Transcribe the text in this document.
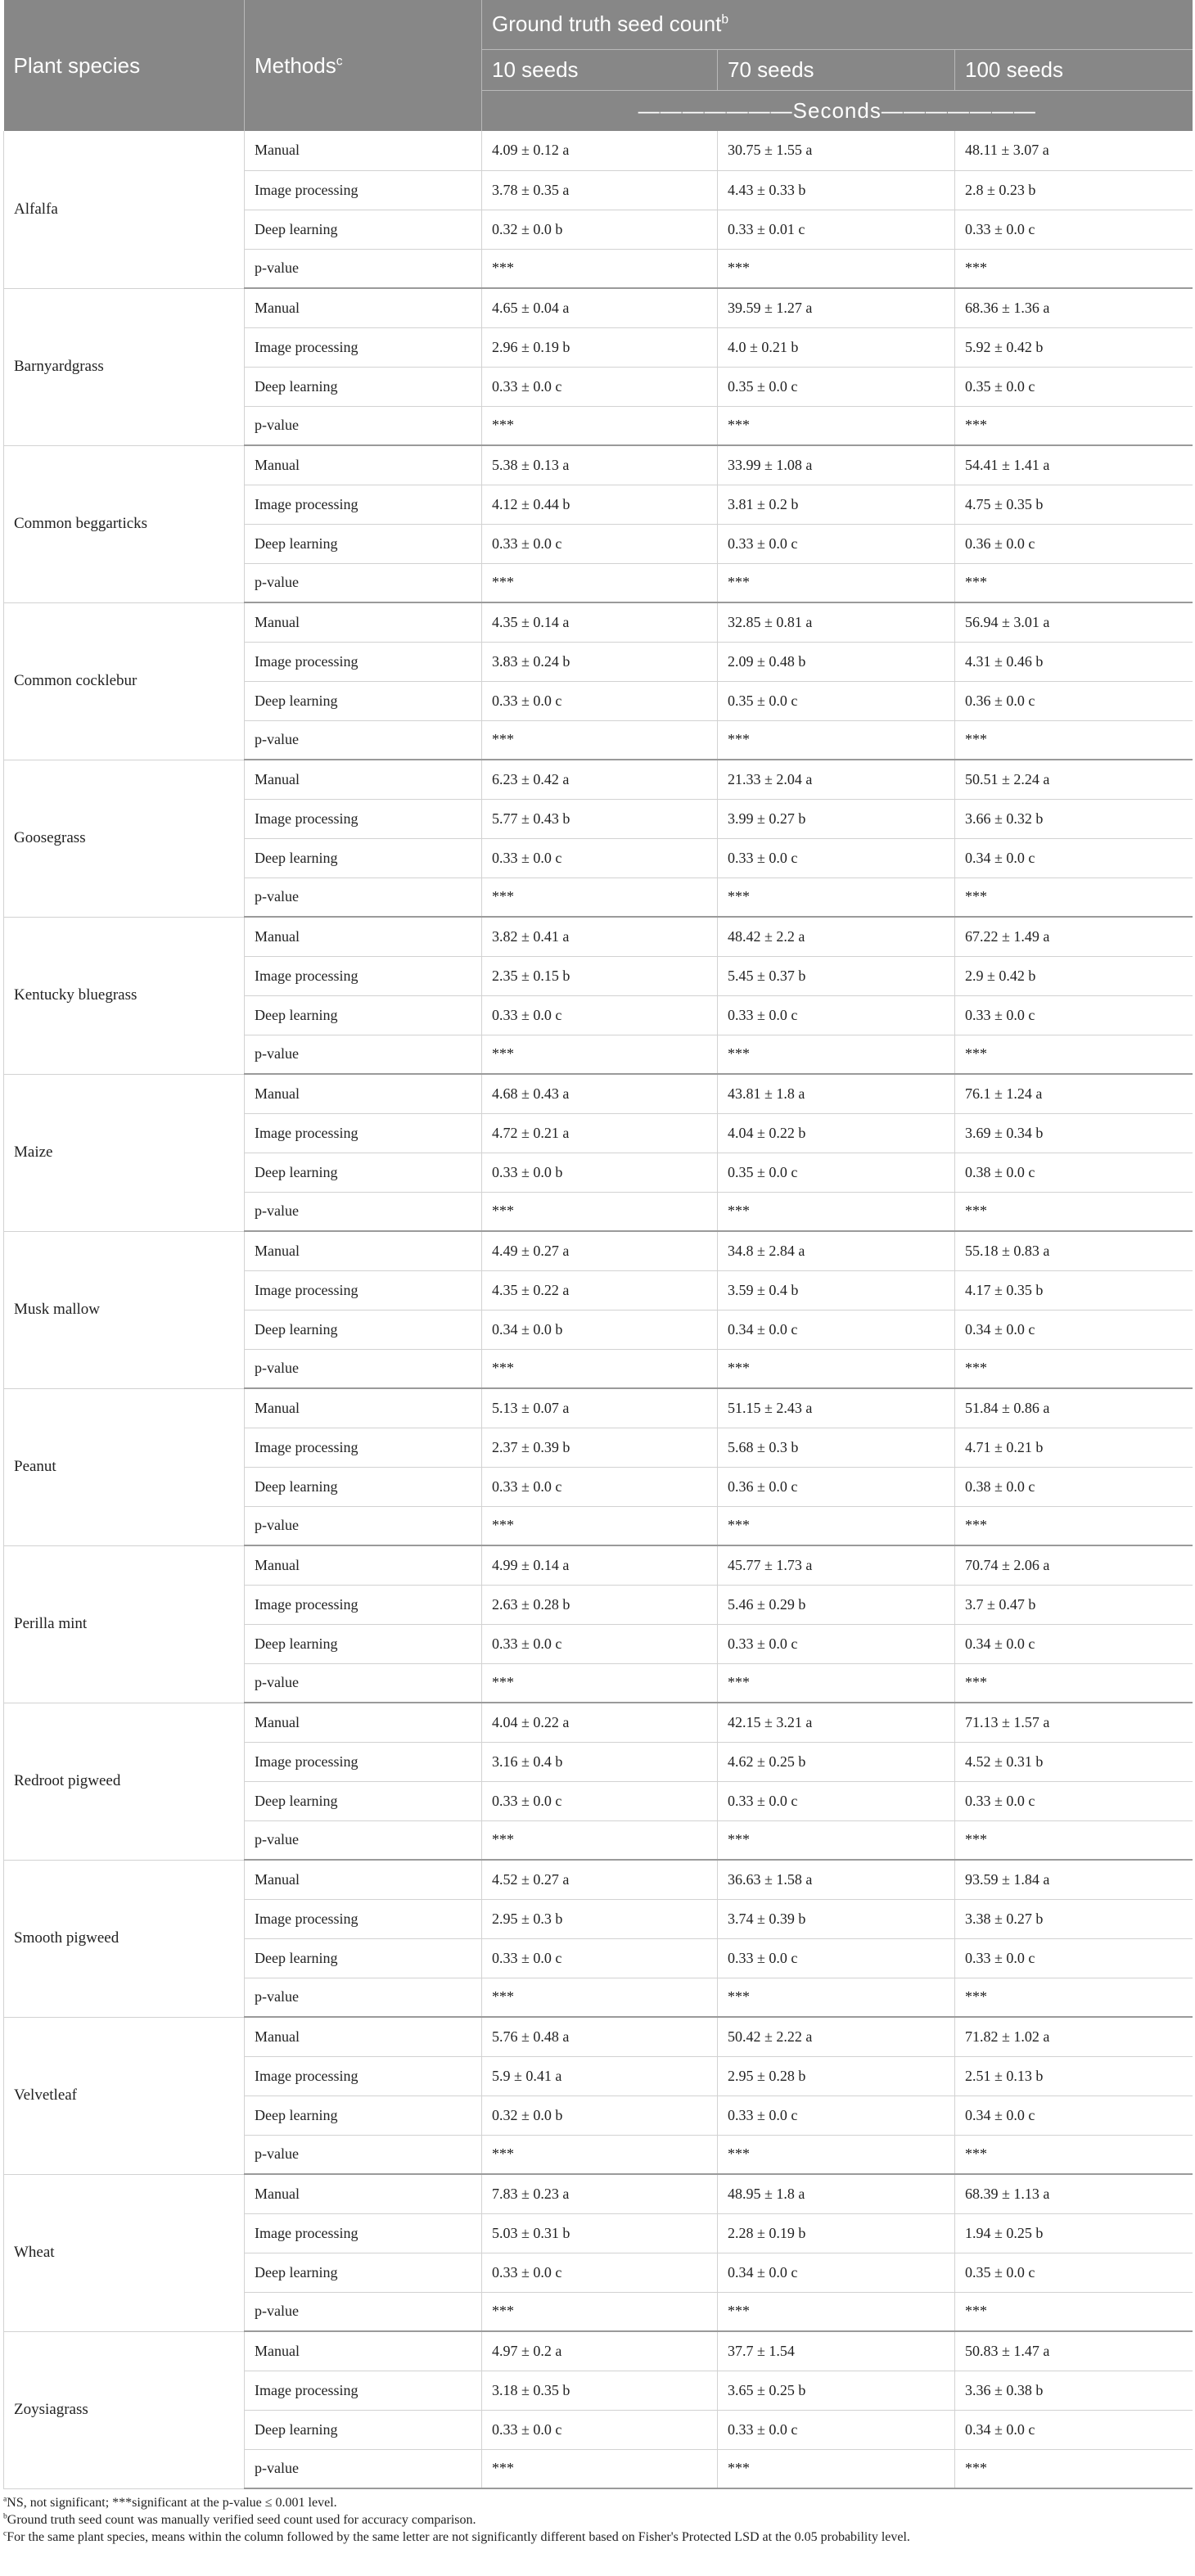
Plant species	Methods$^c$	Ground truth seed count$^b$
		10 seeds	70 seeds	100 seeds
		———————Seconds———————		
Alfalfa	Manual	4.09 ± 0.12 a	30.75 ± 1.55 a	48.11 ± 3.07 a
	Image processing	3.78 ± 0.35 a	4.43 ± 0.33 b	2.8 ± 0.23 b
	Deep learning	0.32 ± 0.0 b	0.33 ± 0.01 c	0.33 ± 0.0 c
	p-value	***	***	***
Barnyardgrass	Manual	4.65 ± 0.04 a	39.59 ± 1.27 a	68.36 ± 1.36 a
	Image processing	2.96 ± 0.19 b	4.0 ± 0.21 b	5.92 ± 0.42 b
	Deep learning	0.33 ± 0.0 c	0.35 ± 0.0 c	0.35 ± 0.0 c
	p-value	***	***	***
Common beggarticks	Manual	5.38 ± 0.13 a	33.99 ± 1.08 a	54.41 ± 1.41 a
	Image processing	4.12 ± 0.44 b	3.81 ± 0.2 b	4.75 ± 0.35 b
	Deep learning	0.33 ± 0.0 c	0.33 ± 0.0 c	0.36 ± 0.0 c
	p-value	***	***	***
Common cocklebur	Manual	4.35 ± 0.14 a	32.85 ± 0.81 a	56.94 ± 3.01 a
	Image processing	3.83 ± 0.24 b	2.09 ± 0.48 b	4.31 ± 0.46 b
	Deep learning	0.33 ± 0.0 c	0.35 ± 0.0 c	0.36 ± 0.0 c
	p-value	***	***	***
Goosegrass	Manual	6.23 ± 0.42 a	21.33 ± 2.04 a	50.51 ± 2.24 a
	Image processing	5.77 ± 0.43 b	3.99 ± 0.27 b	3.66 ± 0.32 b
	Deep learning	0.33 ± 0.0 c	0.33 ± 0.0 c	0.34 ± 0.0 c
	p-value	***	***	***
Kentucky bluegrass	Manual	3.82 ± 0.41 a	48.42 ± 2.2 a	67.22 ± 1.49 a
	Image processing	2.35 ± 0.15 b	5.45 ± 0.37 b	2.9 ± 0.42 b
	Deep learning	0.33 ± 0.0 c	0.33 ± 0.0 c	0.33 ± 0.0 c
	p-value	***	***	***
Maize	Manual	4.68 ± 0.43 a	43.81 ± 1.8 a	76.1 ± 1.24 a
	Image processing	4.72 ± 0.21 a	4.04 ± 0.22 b	3.69 ± 0.34 b
	Deep learning	0.33 ± 0.0 b	0.35 ± 0.0 c	0.38 ± 0.0 c
	p-value	***	***	***
Musk mallow	Manual	4.49 ± 0.27 a	34.8 ± 2.84 a	55.18 ± 0.83 a
	Image processing	4.35 ± 0.22 a	3.59 ± 0.4 b	4.17 ± 0.35 b
	Deep learning	0.34 ± 0.0 b	0.34 ± 0.0 c	0.34 ± 0.0 c
	p-value	***	***	***
Peanut	Manual	5.13 ± 0.07 a	51.15 ± 2.43 a	51.84 ± 0.86 a
	Image processing	2.37 ± 0.39 b	5.68 ± 0.3 b	4.71 ± 0.21 b
	Deep learning	0.33 ± 0.0 c	0.36 ± 0.0 c	0.38 ± 0.0 c
	p-value	***	***	***
Perilla mint	Manual	4.99 ± 0.14 a	45.77 ± 1.73 a	70.74 ± 2.06 a
	Image processing	2.63 ± 0.28 b	5.46 ± 0.29 b	3.7 ± 0.47 b
	Deep learning	0.33 ± 0.0 c	0.33 ± 0.0 c	0.34 ± 0.0 c
	p-value	***	***	***
Redroot pigweed	Manual	4.04 ± 0.22 a	42.15 ± 3.21 a	71.13 ± 1.57 a
	Image processing	3.16 ± 0.4 b	4.62 ± 0.25 b	4.52 ± 0.31 b
	Deep learning	0.33 ± 0.0 c	0.33 ± 0.0 c	0.33 ± 0.0 c
	p-value	***	***	***
Smooth pigweed	Manual	4.52 ± 0.27 a	36.63 ± 1.58 a	93.59 ± 1.84 a
	Image processing	2.95 ± 0.3 b	3.74 ± 0.39 b	3.38 ± 0.27 b
	Deep learning	0.33 ± 0.0 c	0.33 ± 0.0 c	0.33 ± 0.0 c
	p-value	***	***	***
Velvetleaf	Manual	5.76 ± 0.48 a	50.42 ± 2.22 a	71.82 ± 1.02 a
	Image processing	5.9 ± 0.41 a	2.95 ± 0.28 b	2.51 ± 0.13 b
	Deep learning	0.32 ± 0.0 b	0.33 ± 0.0 c	0.34 ± 0.0 c
	p-value	***	***	***
Wheat	Manual	7.83 ± 0.23 a	48.95 ± 1.8 a	68.39 ± 1.13 a
	Image processing	5.03 ± 0.31 b	2.28 ± 0.19 b	1.94 ± 0.25 b
	Deep learning	0.33 ± 0.0 c	0.34 ± 0.0 c	0.35 ± 0.0 c
	p-value	***	***	***
Zoysiagrass	Manual	4.97 ± 0.2 a	37.7 ± 1.54	50.83 ± 1.47 a
	Image processing	3.18 ± 0.35 b	3.65 ± 0.25 b	3.36 ± 0.38 b
	Deep learning	0.33 ± 0.0 c	0.33 ± 0.0 c	0.34 ± 0.0 c
	p-value	***	***	***

$^a$NS, not significant; ***significant at the p-value ≤ 0.001 level.

$^b$Ground truth seed count was manually verified seed count used for accuracy comparison.

$^c$For the same plant species, means within the column followed by the same letter are not significantly different based on Fisher's Protected LSD at the 0.05 probability level.
